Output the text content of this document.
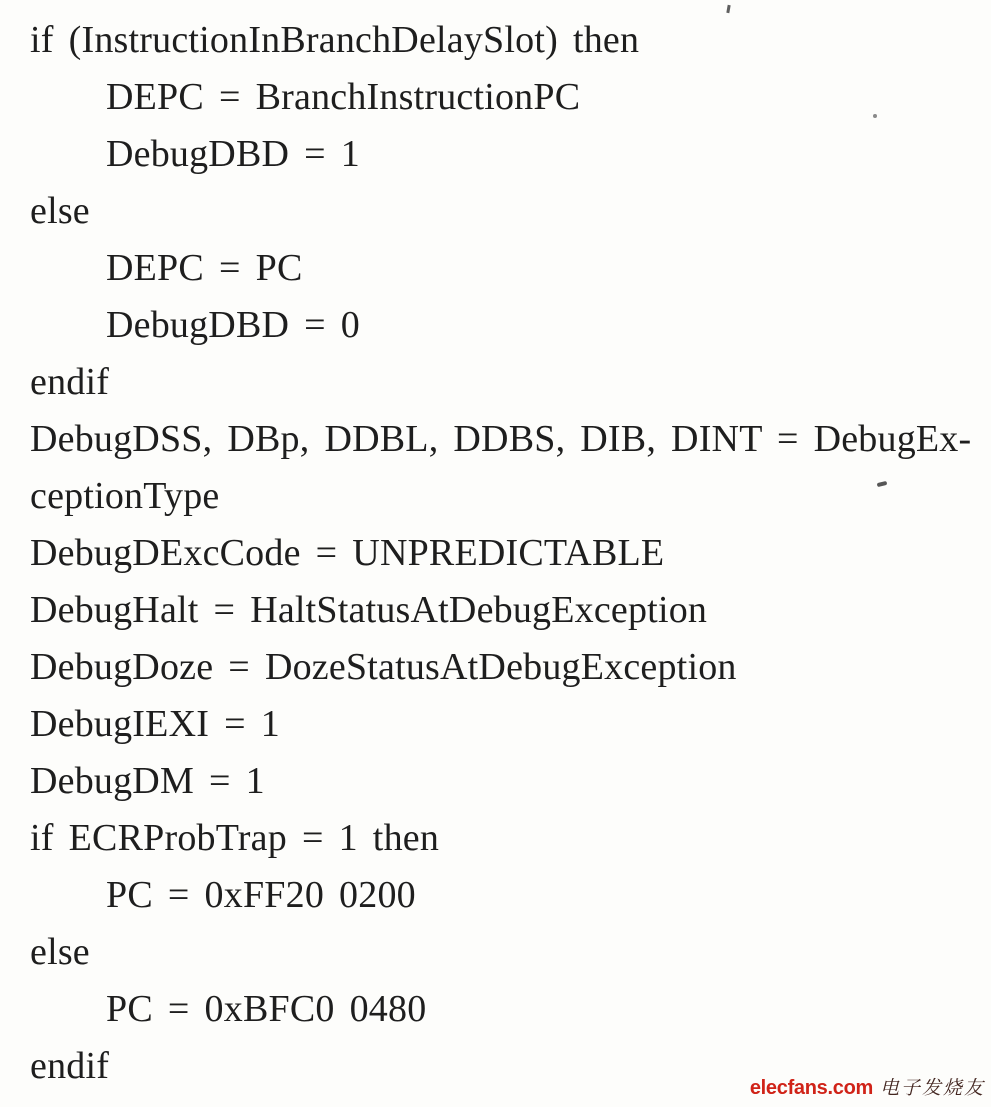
if (InstructionInBranchDelaySlot) then
DEPC = BranchInstructionPC
DebugDBD = 1
else
DEPC = PC
DebugDBD = 0
endif
DebugDSS, DBp, DDBL, DDBS, DIB, DINT = DebugEx-
ceptionType
DebugDExcCode = UNPREDICTABLE
DebugHalt = HaltStatusAtDebugException
DebugDoze = DozeStatusAtDebugException
DebugIEXI = 1
DebugDM = 1
if ECRProbTrap = 1 then
PC = 0xFF20 0200
else
PC = 0xBFC0 0480
endif
elecfans.com 电子发烧友
